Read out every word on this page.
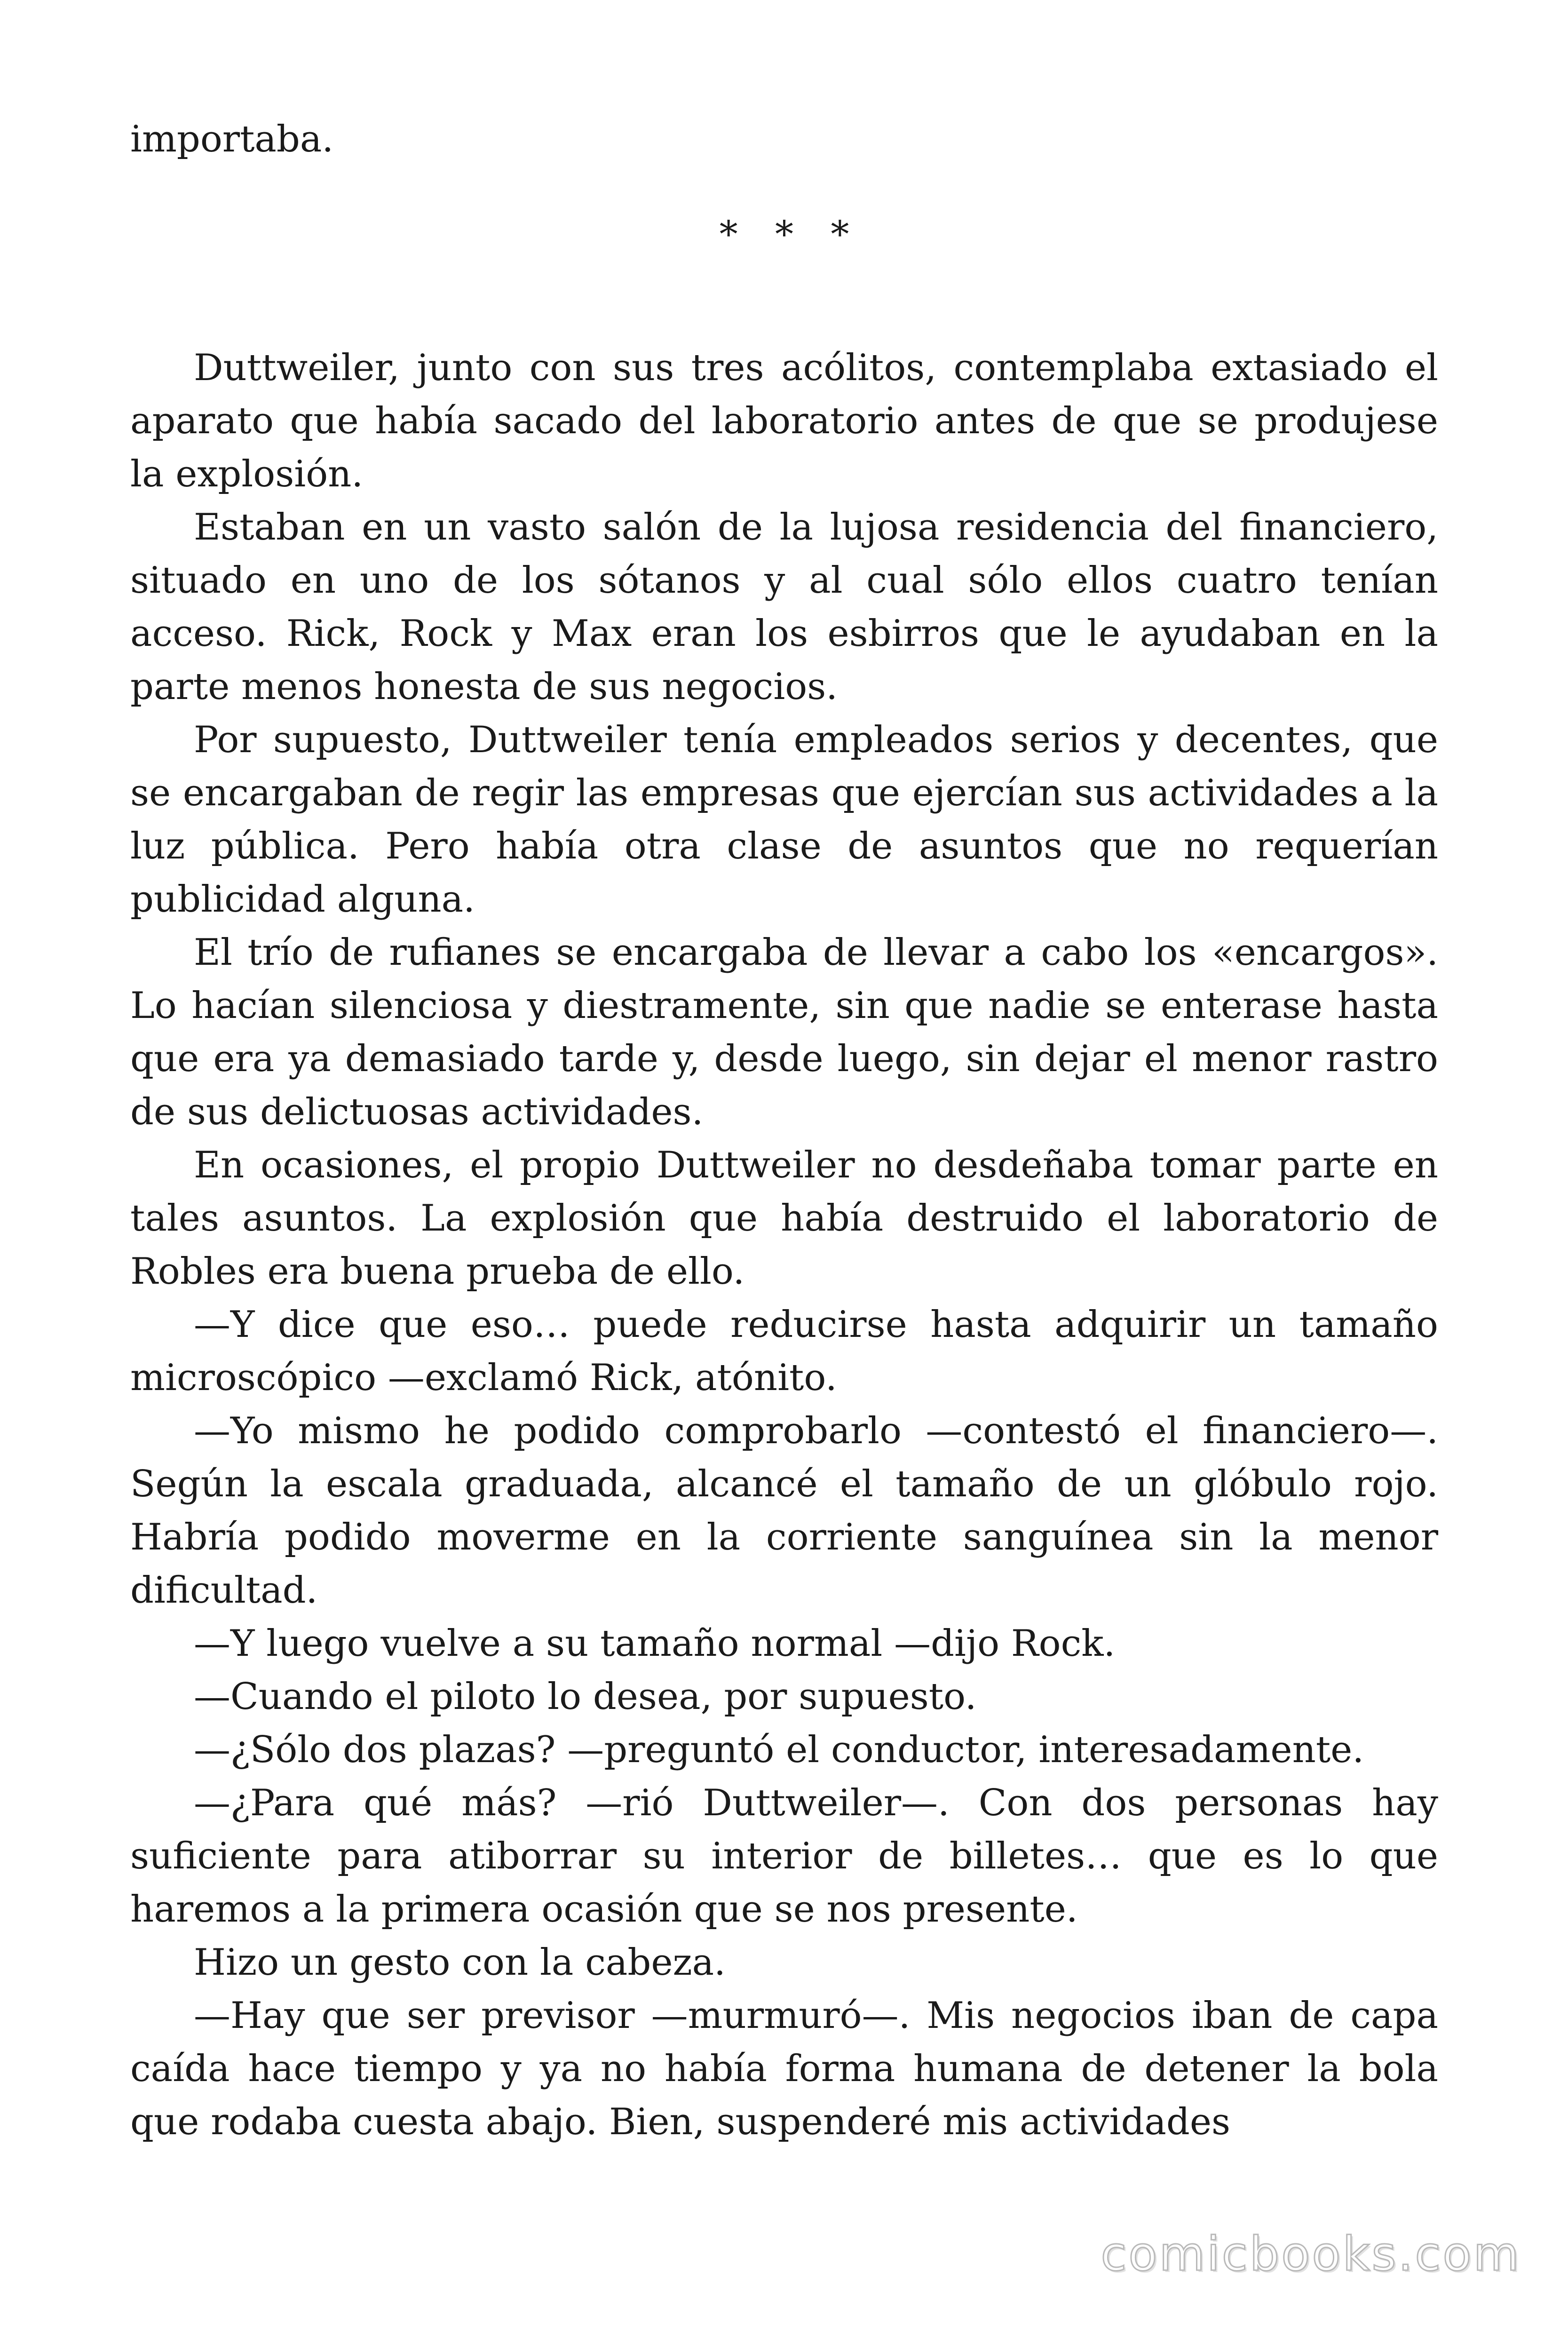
importaba.

* * *

Duttweiler, junto con sus tres acólitos, contemplaba extasiado el aparato que había sacado del laboratorio antes de que se produjese la explosión.

Estaban en un vasto salón de la lujosa residencia del financiero, situado en uno de los sótanos y al cual sólo ellos cuatro tenían acceso. Rick, Rock y Max eran los esbirros que le ayudaban en la parte menos honesta de sus negocios.

Por supuesto, Duttweiler tenía empleados serios y decentes, que se encargaban de regir las empresas que ejercían sus actividades a la luz pública. Pero había otra clase de asuntos que no requerían publicidad alguna.

El trío de rufianes se encargaba de llevar a cabo los «encargos». Lo hacían silenciosa y diestramente, sin que nadie se enterase hasta que era ya demasiado tarde y, desde luego, sin dejar el menor rastro de sus delictuosas actividades.

En ocasiones, el propio Duttweiler no desdeñaba tomar parte en tales asuntos. La explosión que había destruido el laboratorio de Robles era buena prueba de ello.

—Y dice que eso… puede reducirse hasta adquirir un tamaño microscópico —exclamó Rick, atónito.

—Yo mismo he podido comprobarlo —contestó el financiero—. Según la escala graduada, alcancé el tamaño de un glóbulo rojo. Habría podido moverme en la corriente sanguínea sin la menor dificultad.

—Y luego vuelve a su tamaño normal —dijo Rock.

—Cuando el piloto lo desea, por supuesto.

—¿Sólo dos plazas? —preguntó el conductor, interesadamente.

—¿Para qué más? —rió Duttweiler—. Con dos personas hay suficiente para atiborrar su interior de billetes… que es lo que haremos a la primera ocasión que se nos presente.

Hizo un gesto con la cabeza.

—Hay que ser previsor —murmuró—. Mis negocios iban de capa caída hace tiempo y ya no había forma humana de detener la bola que rodaba cuesta abajo. Bien, suspenderé mis actividades

comicbooks.com
